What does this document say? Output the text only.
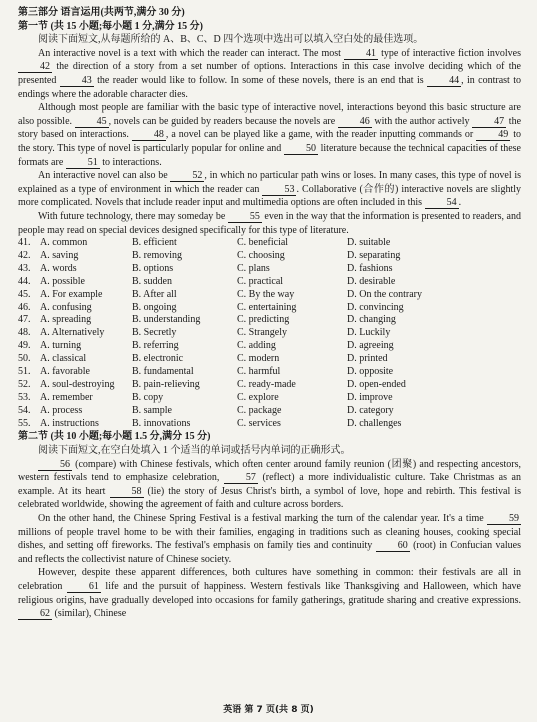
第三部分 语言运用(共两节,满分 30 分)
第一节 (共 15 小题;每小题 1 分,满分 15 分)

阅读下面短文,从每题所给的 A、B、C、D 四个选项中选出可以填入空白处的最佳选项。

An interactive novel is a text with which the reader can interact. The most 41 type of interactive fiction involves 42 the direction of a story from a set number of options. Interactions in this case involve deciding which of the presented 43 the reader would like to follow. In some of these novels, there is an end that is 44 , in contrast to endings where the adorable character dies.

Although most people are familiar with the basic type of interactive novel, interactions beyond this basic structure are also possible. 45 , novels can be guided by readers because the novels are 46 with the author actively 47 the story based on interactions. 48 , a novel can be played like a game, with the reader inputting commands or 49 to the story. This type of novel is particularly popular for online and 50 literature because the technical capacities of these formats are 51 to interactions.

An interactive novel can also be 52 , in which no particular path wins or loses. In many cases, this type of novel is explained as a type of environment in which the reader can 53 . Collaborative (合作的) interactive novels are slightly more complicated. Novels that include reader input and multimedia options are often included in this 54 .

With future technology, there may someday be 55 even in the way that the information is presented to readers, and people may read on special devices designed specifically for this type of literature.

41. A. common	B. efficient	C. beneficial	D. suitable
42. A. saving	B. removing	C. choosing	D. separating
43. A. words	B. options	C. plans	D. fashions
44. A. possible	B. sudden	C. practical	D. desirable
45. A. For example	B. After all	C. By the way	D. On the contrary
46. A. confusing	B. ongoing	C. entertaining	D. convincing
47. A. spreading	B. understanding	C. predicting	D. changing
48. A. Alternatively	B. Secretly	C. Strangely	D. Luckily
49. A. turning	B. referring	C. adding	D. agreeing
50. A. classical	B. electronic	C. modern	D. printed
51. A. favorable	B. fundamental	C. harmful	D. opposite
52. A. soul-destroying	B. pain-relieving	C. ready-made	D. open-ended
53. A. remember	B. copy	C. explore	D. improve
54. A. process	B. sample	C. package	D. category
55. A. instructions	B. innovations	C. services	D. challenges
第二节 (共 10 小题;每小题 1.5 分,满分 15 分)

阅读下面短文,在空白处填入 1 个适当的单词或括号内单词的正确形式。

56 (compare) with Chinese festivals, which often center around family reunion (团聚) and respecting ancestors, western festivals tend to emphasize celebration, 57 (reflect) a more individualistic culture. Take Christmas as an example. At its heart 58 (lie) the story of Jesus Christ's birth, a symbol of love, hope and rebirth. This festival is celebrated worldwide, showing the agreement of faith and culture across borders.

On the other hand, the Chinese Spring Festival is a festival marking the turn of the calendar year. It's a time 59 millions of people travel home to be with their families, engaging in traditions such as cleaning houses, cooking special dishes, and setting off fireworks. The festival's emphasis on family ties and continuity 60 (root) in Confucian values and reflects the collectivist nature of Chinese society.

However, despite these apparent differences, both cultures have something in common: their festivals are all in celebration 61 life and the pursuit of happiness. Western festivals like Thanksgiving and Halloween, which have religious origins, have gradually developed into occasions for family gatherings, gratitude sharing and creative expressions. 62 (similar), Chinese

英语 第 7 页(共 8 页)
